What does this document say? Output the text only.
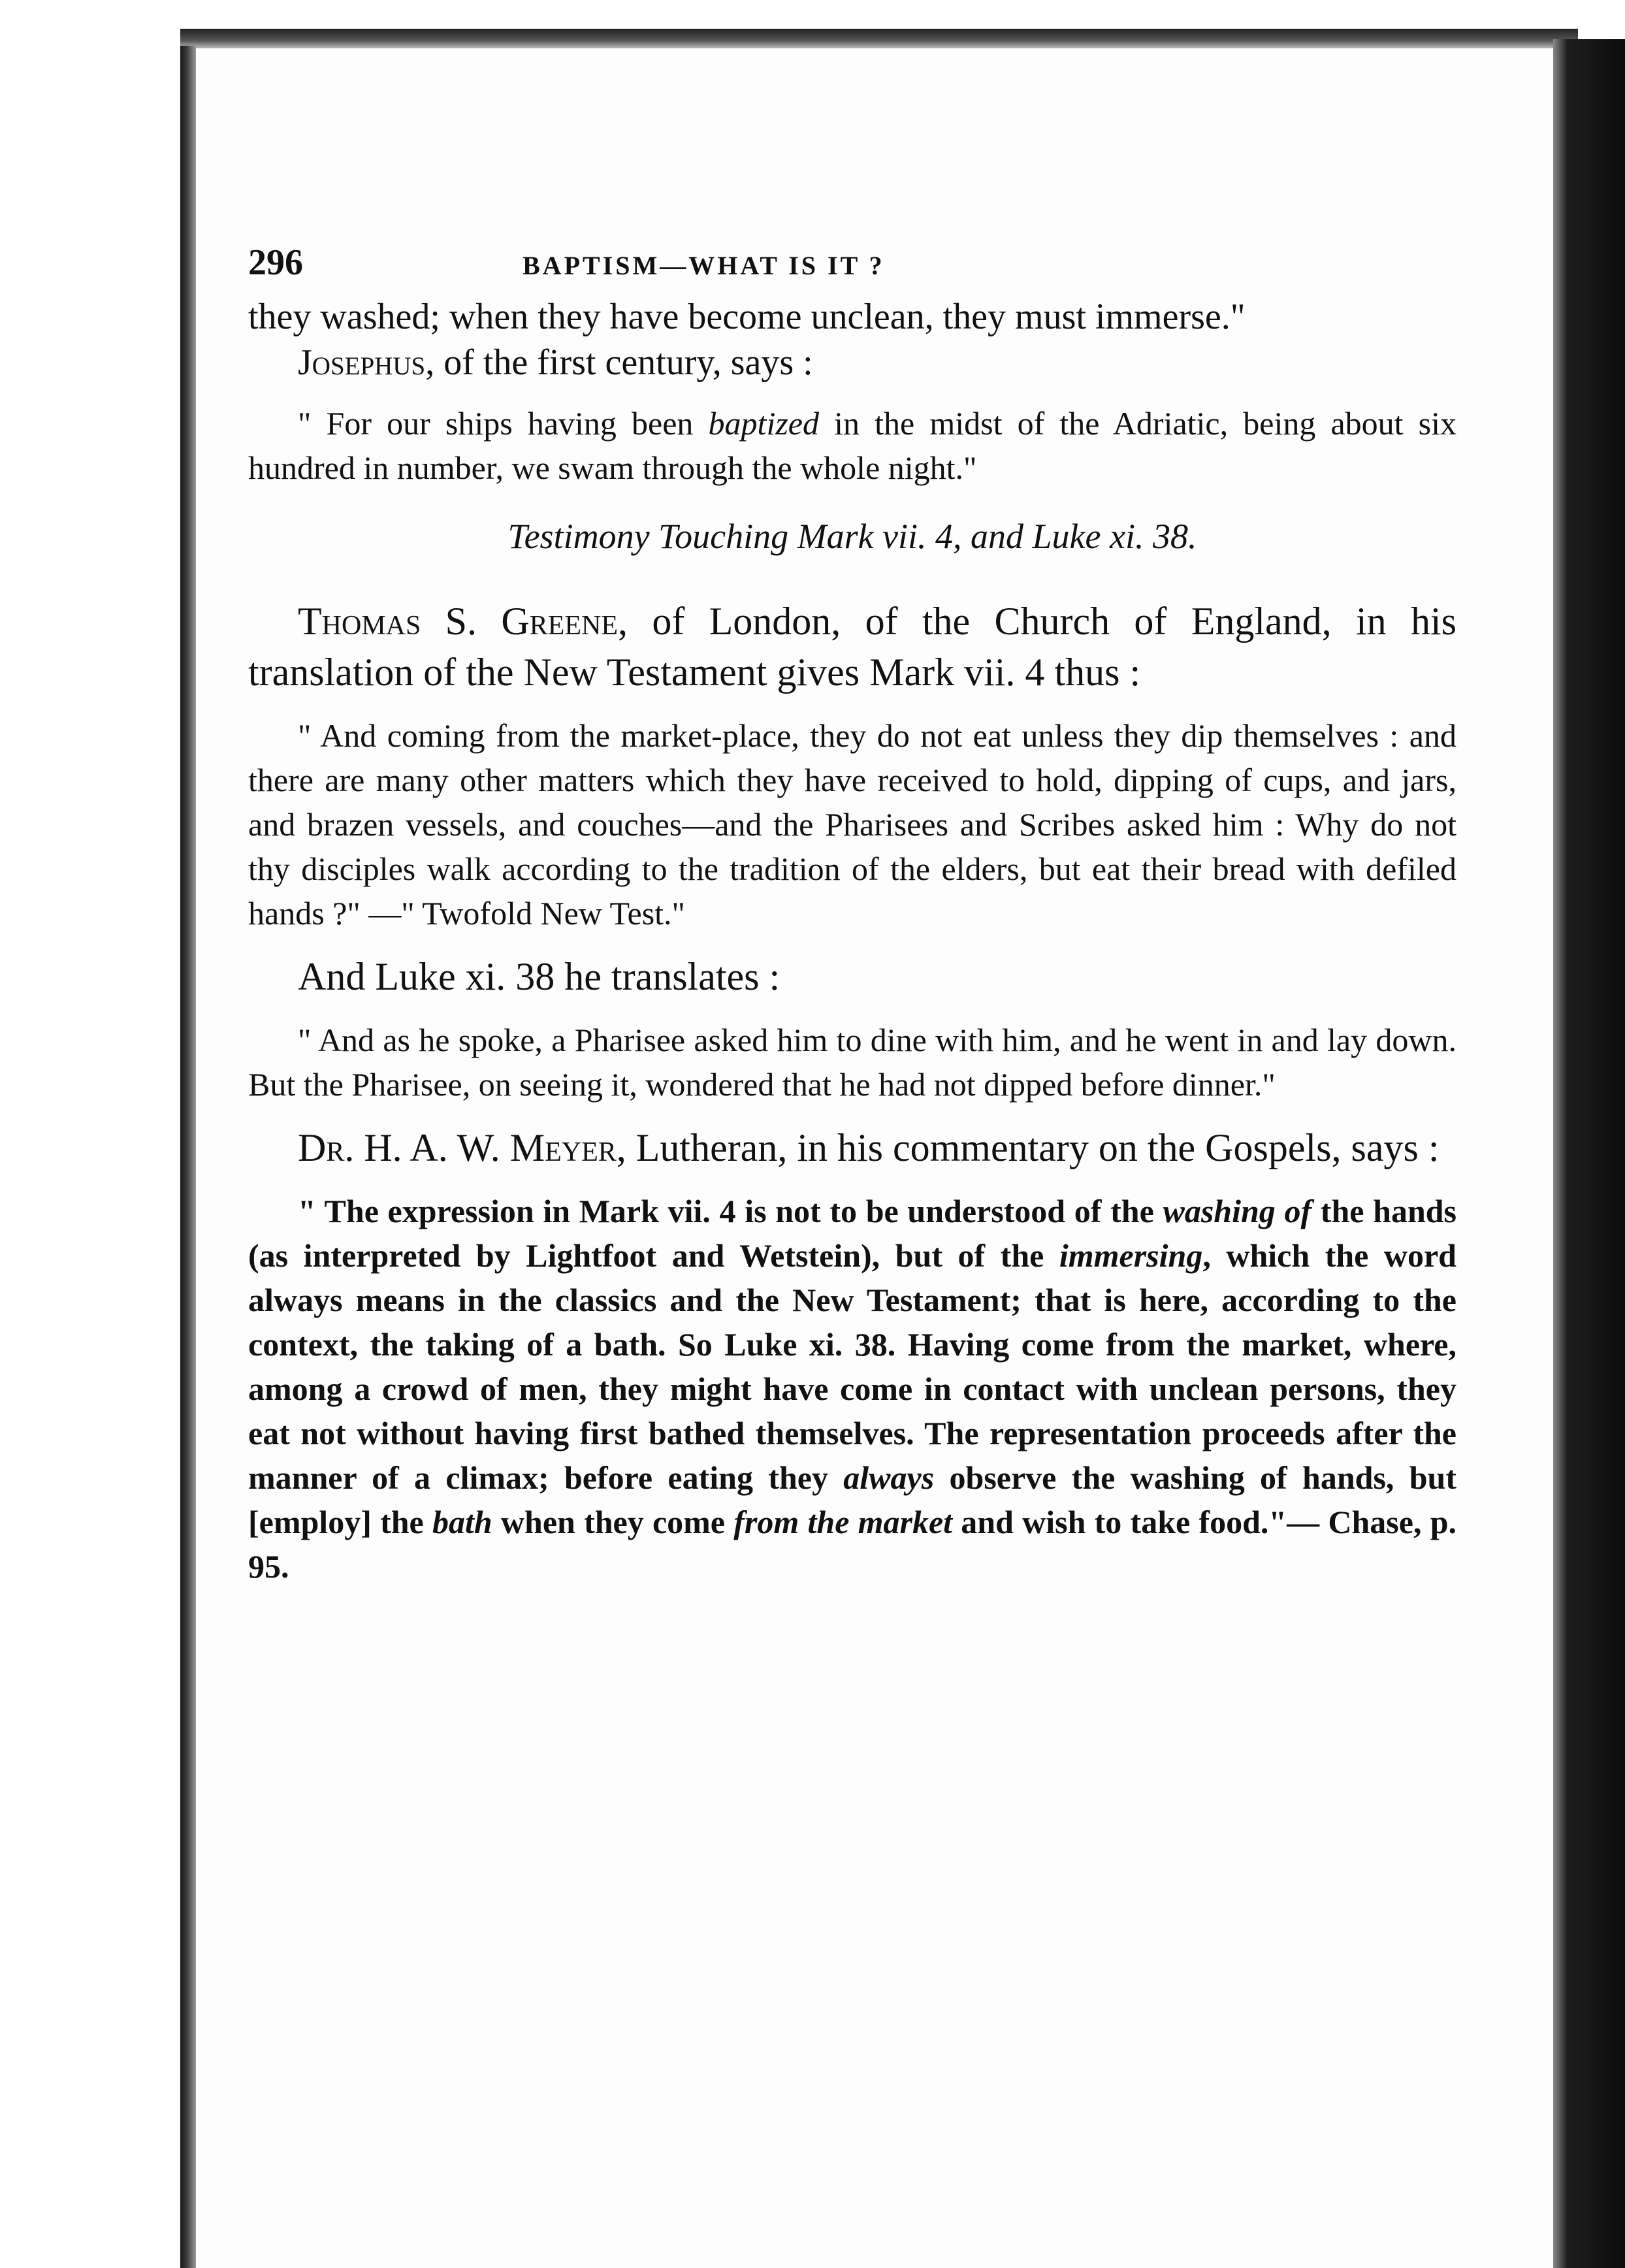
296	BAPTISM—WHAT IS IT ?

they washed; when they have become unclean, they must immerse."

Josephus, of the first century, says :

" For our ships having been baptized in the midst of the Adriatic, being about six hundred in number, we swam through the whole night."

Testimony Touching Mark vii. 4, and Luke xi. 38.

Thomas S. Greene, of London, of the Church of England, in his translation of the New Testament gives Mark vii. 4 thus :

" And coming from the market-place, they do not eat unless they dip themselves : and there are many other matters which they have received to hold, dipping of cups, and jars, and brazen vessels, and couches—and the Pharisees and Scribes asked him : Why do not thy disciples walk according to the tradition of the elders, but eat their bread with defiled hands ?" —" Twofold New Test."

And Luke xi. 38 he translates :

" And as he spoke, a Pharisee asked him to dine with him, and he went in and lay down. But the Pharisee, on seeing it, wondered that he had not dipped before dinner."

Dr. H. A. W. Meyer, Lutheran, in his commentary on the Gospels, says :

" The expression in Mark vii. 4 is not to be understood of the washing of the hands (as interpreted by Lightfoot and Wetstein), but of the immersing, which the word always means in the classics and the New Testament; that is here, according to the context, the taking of a bath. So Luke xi. 38. Having come from the market, where, among a crowd of men, they might have come in contact with unclean persons, they eat not without having first bathed themselves. The representation proceeds after the manner of a climax; before eating they always observe the washing of hands, but [employ] the bath when they come from the market and wish to take food."— Chase, p. 95.
